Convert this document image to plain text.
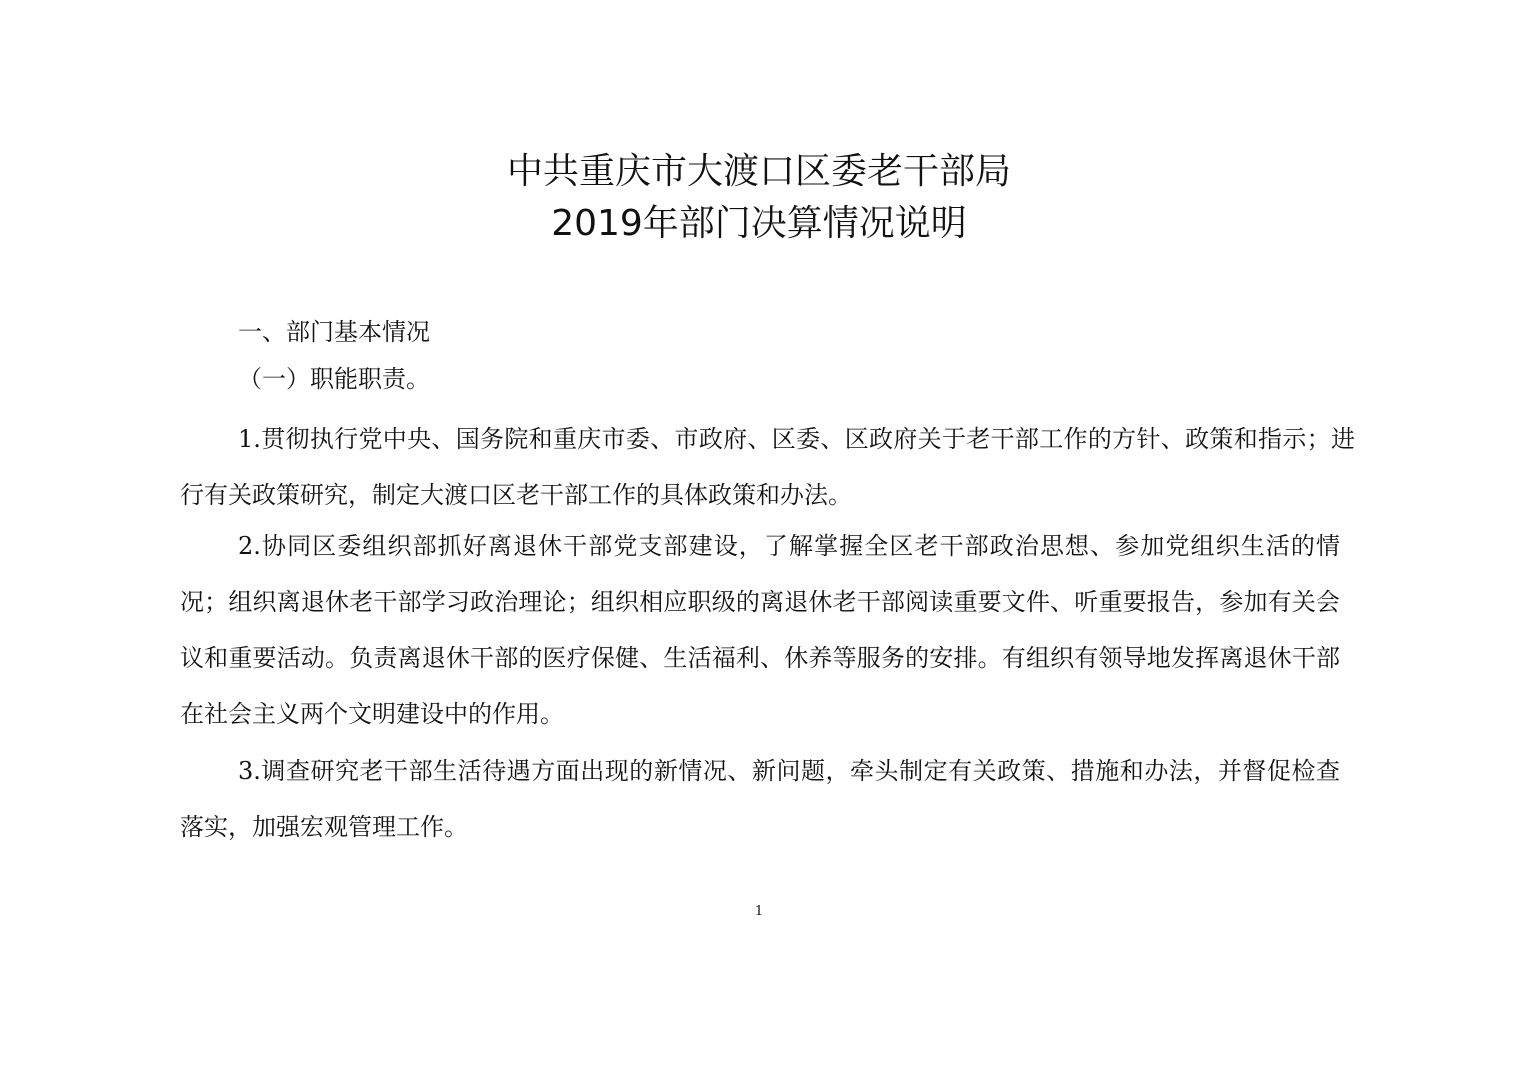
中共重庆市大渡口区委老干部局
2019年部门决算情况说明
一、部门基本情况
（一）职能职责。

1.贯彻执行党中央、国务院和重庆市委、市政府、区委、区政府关于老干部工作的方针、政策和指示；进行有关政策研究，制定大渡口区老干部工作的具体政策和办法。

2.协同区委组织部抓好离退休干部党支部建设，了解掌握全区老干部政治思想、参加党组织生活的情况；组织离退休老干部学习政治理论；组织相应职级的离退休老干部阅读重要文件、听重要报告，参加有关会议和重要活动。负责离退休干部的医疗保健、生活福利、休养等服务的安排。有组织有领导地发挥离退休干部在社会主义两个文明建设中的作用。

3.调查研究老干部生活待遇方面出现的新情况、新问题，牵头制定有关政策、措施和办法，并督促检查落实，加强宏观管理工作。

1
